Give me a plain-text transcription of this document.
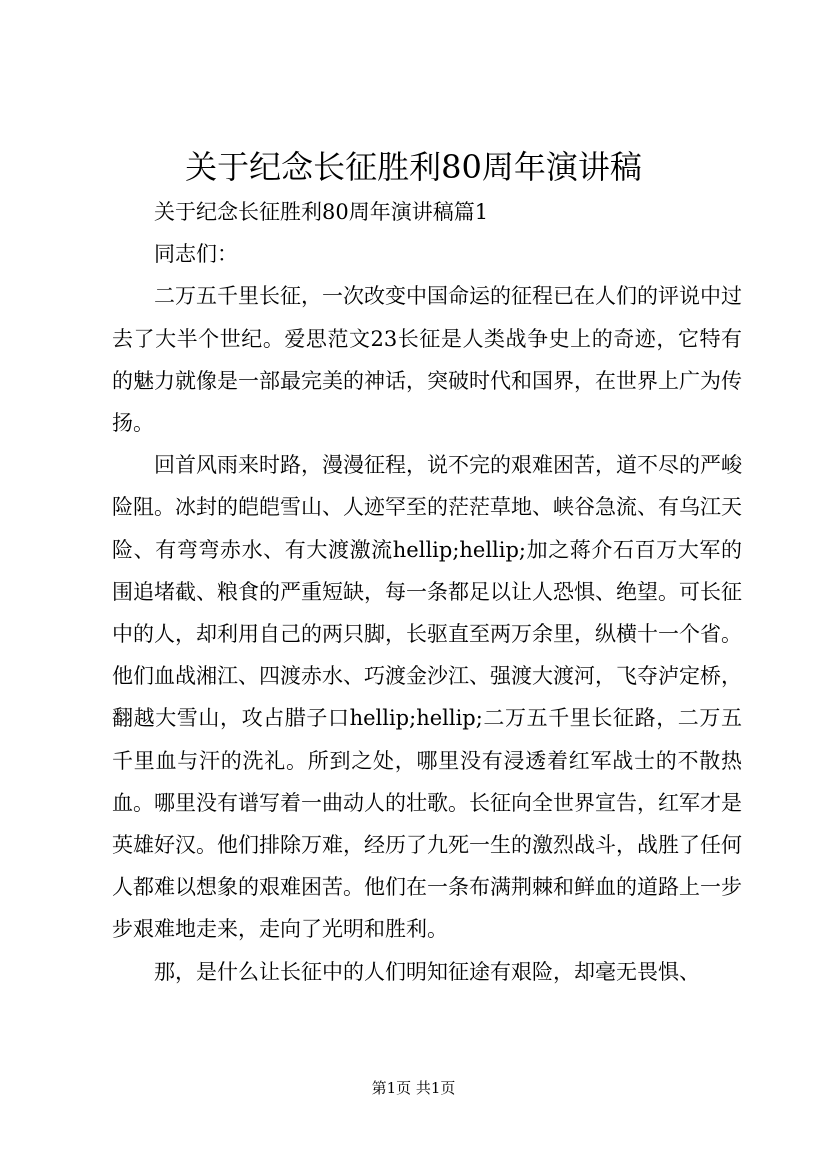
关于纪念长征胜利80周年演讲稿

关于纪念长征胜利80周年演讲稿篇1

同志们：

二万五千里长征，一次改变中国命运的征程已在人们的评说中过去了大半个世纪。爱思范文23长征是人类战争史上的奇迹，它特有的魅力就像是一部最完美的神话，突破时代和国界，在世界上广为传扬。

回首风雨来时路，漫漫征程，说不完的艰难困苦，道不尽的严峻险阻。冰封的皑皑雪山、人迹罕至的茫茫草地、峡谷急流、有乌江天险、有弯弯赤水、有大渡激流hellip;hellip;加之蒋介石百万大军的围追堵截、粮食的严重短缺，每一条都足以让人恐惧、绝望。可长征中的人，却利用自己的两只脚，长驱直至两万余里，纵横十一个省。他们血战湘江、四渡赤水、巧渡金沙江、强渡大渡河，飞夺泸定桥，翻越大雪山，攻占腊子口hellip;hellip;二万五千里长征路，二万五千里血与汗的洗礼。所到之处，哪里没有浸透着红军战士的不散热血。哪里没有谱写着一曲动人的壮歌。长征向全世界宣告，红军才是英雄好汉。他们排除万难，经历了九死一生的激烈战斗，战胜了任何人都难以想象的艰难困苦。他们在一条布满荆棘和鲜血的道路上一步步艰难地走来，走向了光明和胜利。

那，是什么让长征中的人们明知征途有艰险，却毫无畏惧、

第1页 共1页
